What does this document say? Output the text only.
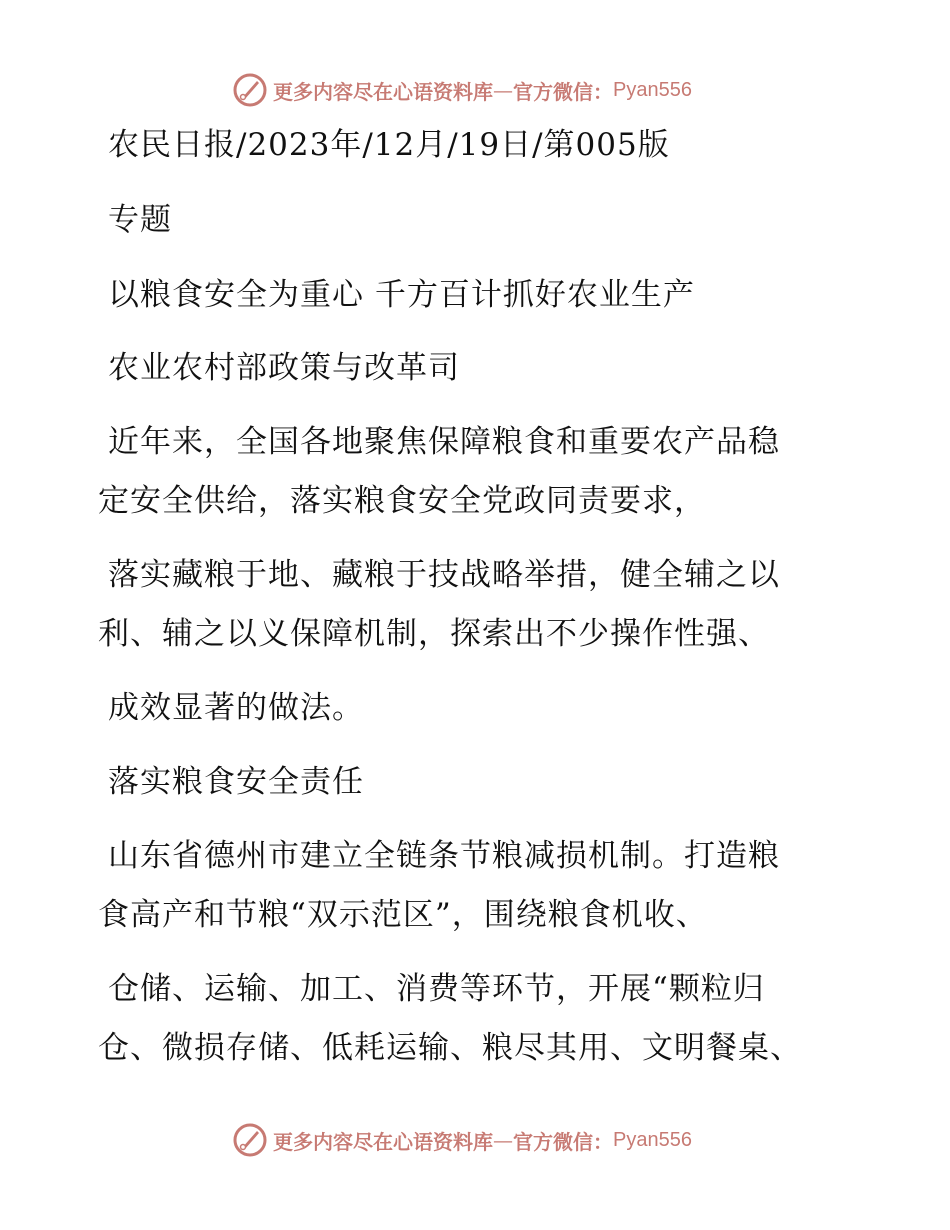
更多内容尽在心语资料库 — 官方微信： Pyan556
农民日报/2023年/12月/19日/第005版
专题
以粮食安全为重心 千方百计抓好农业生产
农业农村部政策与改革司
近年来，全国各地聚焦保障粮食和重要农产品稳
定安全供给，落实粮食安全党政同责要求，
落实藏粮于地、藏粮于技战略举措，健全辅之以
利、辅之以义保障机制，探索出不少操作性强、
成效显著的做法。
落实粮食安全责任
山东省德州市建立全链条节粮减损机制。打造粮
食高产和节粮“双示范区”，围绕粮食机收、
仓储、运输、加工、消费等环节，开展“颗粒归
仓、微损存储、低耗运输、粮尽其用、文明餐桌、
更多内容尽在心语资料库 — 官方微信： Pyan556
